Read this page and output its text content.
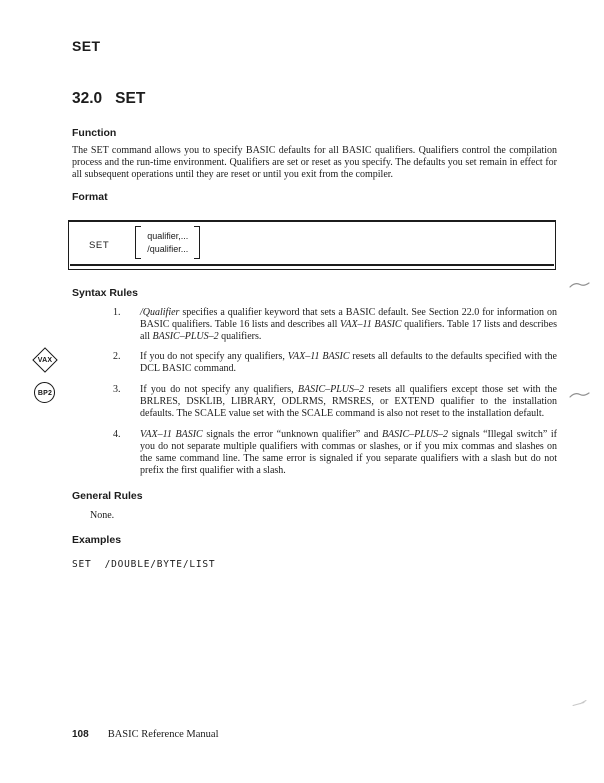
SET
32.0 SET
Function

The SET command allows you to specify BASIC defaults for all BASIC qualifiers. Qualifiers control the compilation process and the run-time environment. Qualifiers are set or reset as you specify. The defaults you set remain in effect for all subsequent operations until they are reset or until you exit from the compiler.

Format
SET
qualifier,...
/qualifier...
Syntax Rules
1.	/Qualifier specifies a qualifier keyword that sets a BASIC default. See Section 22.0 for information on BASIC qualifiers. Table 16 lists and describes all VAX–11 BASIC qualifiers. Table 17 lists and describes all BASIC–PLUS–2 qualifiers.
VAX	2.	If you do not specify any qualifiers, VAX–11 BASIC resets all defaults to the defaults specified with the DCL BASIC command.
BP2	3.	If you do not specify any qualifiers, BASIC–PLUS–2 resets all qualifiers except those set with the BRLRES, DSKLIB, LIBRARY, ODLRMS, RMSRES, or EXTEND qualifier to the installation defaults. The SCALE value set with the SCALE command is also not reset to the installation default.
4.	VAX–11 BASIC signals the error “unknown qualifier” and BASIC–PLUS–2 signals “Illegal switch” if you do not separate multiple qualifiers with commas or slashes, or if you mix commas and slashes on the same command line. The same error is signaled if you separate qualifiers with a slash but do not prefix the first qualifier with a slash.
General Rules
None.
Examples
SET  /DOUBLE/BYTE/LIST
108 BASIC Reference Manual
